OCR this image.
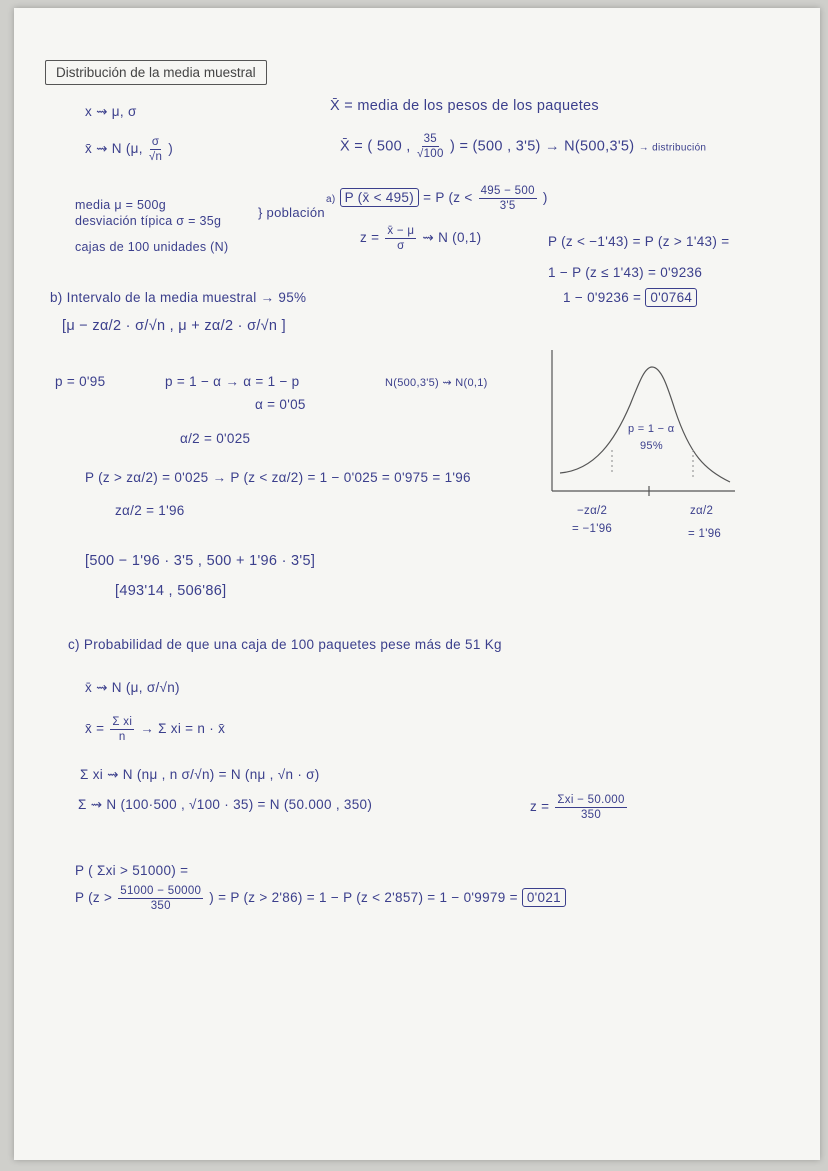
Distribución de la media muestral
x ⇝ μ, σ
x̄ ⇝ N (μ, $\frac{\sigma}{√n}$ )
X̄ = media de los pesos de los paquetes
X̄ = ( 500 , $\frac{35}{√100}$ ) = (500 , 3'5) → N(500,3'5) → distribución
media μ = 500g
desviación típica σ = 35g
} población
cajas de 100 unidades (N)
a) P (x̄ < 495) = P ($z < \frac{495 - 500}{3'5}$ )
$z = \frac{x̄ - \mu}{\sigma}$ ⇝ N (0,1)	P (z < −1'43) = P (z > 1'43) =
1 − P (z ≤ 1'43) = 0'9236
1 − 0'9236 = 0'0764
b) Intervalo de la media muestral → 95%
[μ − zα/2 · σ/√n , μ + zα/2 · σ/√n ]
p = 0'95	p = 1 − α → α = 1 − p
α = 0'05
α/2 = 0'025
N(500,3'5) ⇝ N(0,1)
P (z > zα/2) = 0'025 → P (z < zα/2) = 1 − 0'025 = 0'975 = 1'96
zα/2 = 1'96
[500 − 1'96 · 3'5 , 500 + 1'96 · 3'5]
[493'14 , 506'86]
p = 1 − α
95%
−zα/2
= −1'96
zα/2
= 1'96
c) Probabilidad de que una caja de 100 paquetes pese más de 51 Kg
x̄ ⇝ N (μ, σ/√n)
x̄ = $\frac{\text{Σ xi}}{n} \to \Sigma$ xi = n · x̄
Σ xi ⇝ N (nμ , n σ/√n) = N (nμ , √n · σ)
Σ ⇝ N (100·500 , √100 · 35) = N (50.000 , 350)	$z = \frac{\text{Σxi − 50.000}}{350}$
P ( Σxi > 51000) =
P ($z > \frac{51000 - 50000}{350}$ ) = P (z > 2'86) = 1 − P (z < 2'857) = 1 − 0'9979 = 0'021
